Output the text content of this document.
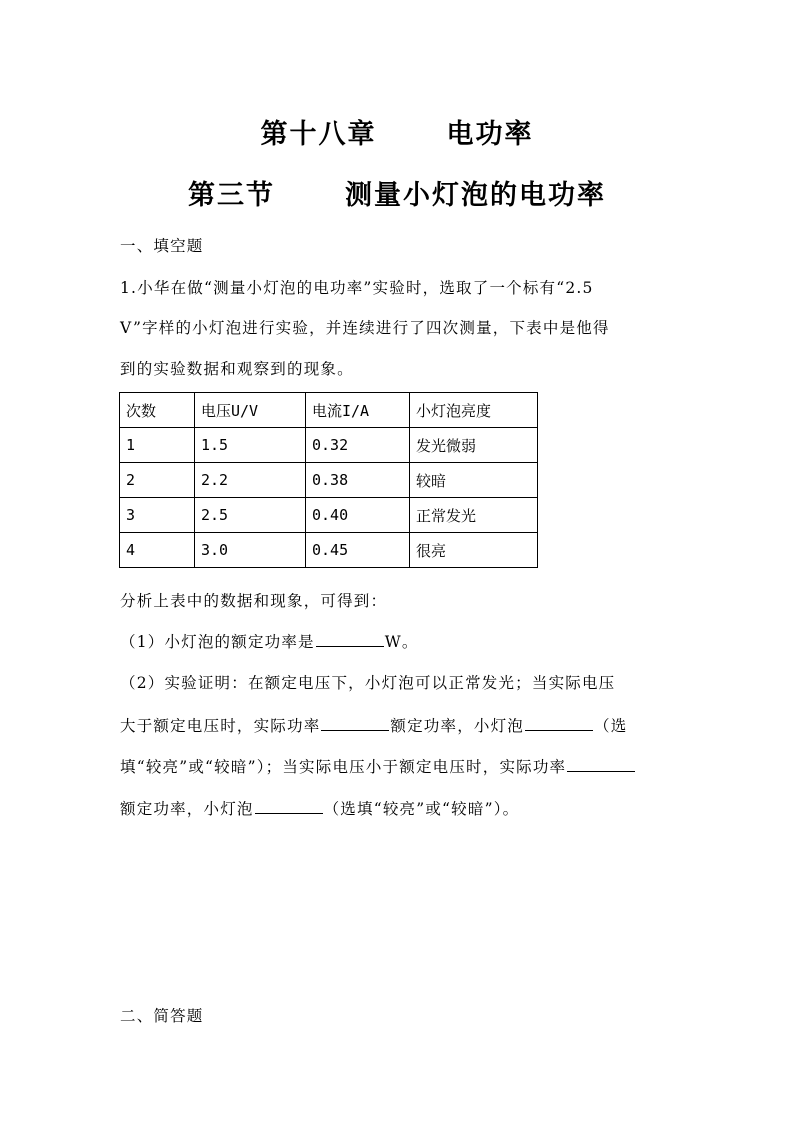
第十八章	电功率
第三节	测量小灯泡的电功率
一、填空题
1.小华在做“测量小灯泡的电功率”实验时，选取了一个标有“2.5
V”字样的小灯泡进行实验，并连续进行了四次测量，下表中是他得
到的实验数据和观察到的现象。
次数	电压U/V	电流I/A	小灯泡亮度
1	1.5	0.32	发光微弱
2	2.2	0.38	较暗
3	2.5	0.40	正常发光
4	3.0	0.45	很亮
分析上表中的数据和现象，可得到：
（1）小灯泡的额定功率是	W。
（2）实验证明：在额定电压下，小灯泡可以正常发光；当实际电压
大于额定电压时，实际功率	额定功率，小灯泡	（选
填“较亮”或“较暗”）；当实际电压小于额定电压时，实际功率
额定功率，小灯泡	（选填“较亮”或“较暗”）。
二、简答题
